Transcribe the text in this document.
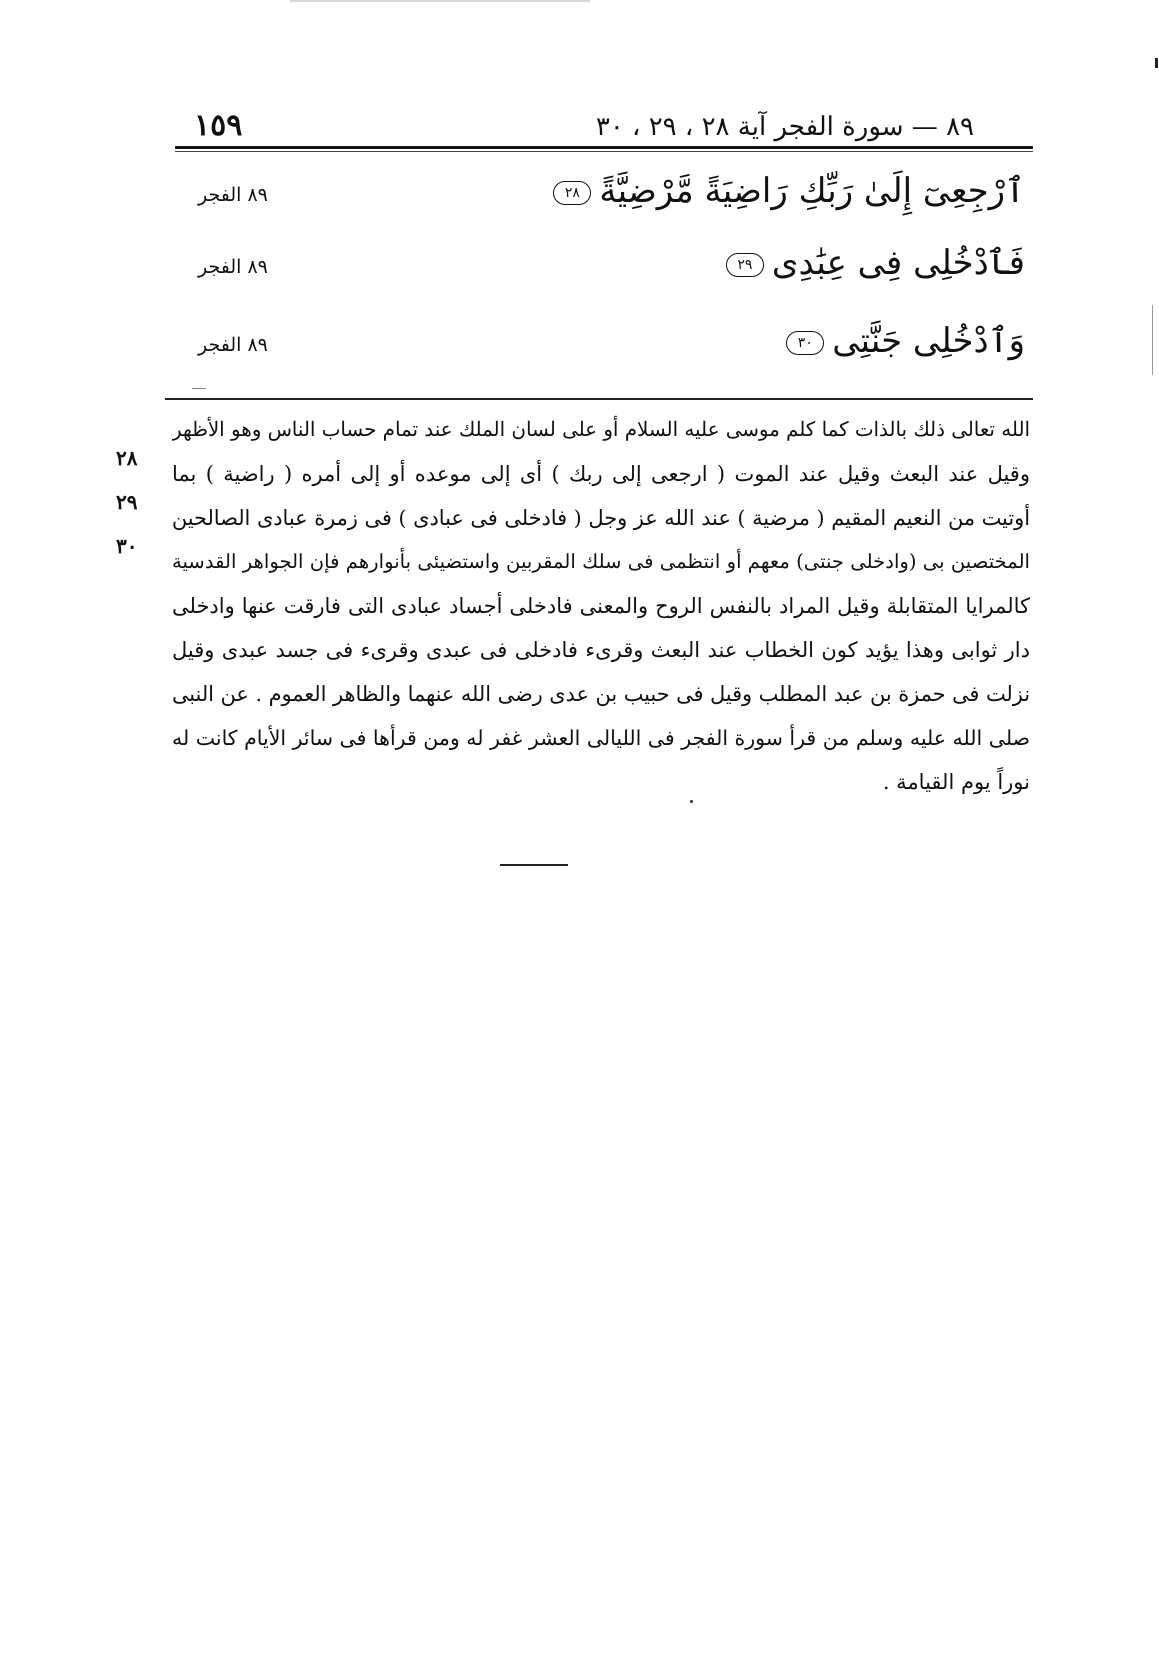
٨٩ — سورة الفجر آية ٢٨ ، ٢٩ ، ٣٠
١٥٩
ٱرْجِعِىٓ إِلَىٰ رَبِّكِ رَاضِيَةً مَّرْضِيَّةً٢٨
٨٩ الفجر
فَٱدْخُلِى فِى عِبَٰدِى٢٩
٨٩ الفجر
وَٱدْخُلِى جَنَّتِى٣٠
٨٩ الفجر
الله تعالى ذلك بالذات كما كلم موسى عليه السلام أو على لسان الملك عند تمام حساب الناس وهو الأظهر
وقيل عند البعث وقيل عند الموت ( ارجعى إلى ربك ) أى إلى موعده أو إلى أمره ( راضية ) بما
أوتيت من النعيم المقيم ( مرضية ) عند الله عز وجل ( فادخلى فى عبادى ) فى زمرة عبادى الصالحين
المختصين بى (وادخلى جنتى) معهم أو انتظمى فى سلك المقربين واستضيئى بأنوارهم فإن الجواهر القدسية
كالمرايا المتقابلة وقيل المراد بالنفس الروح والمعنى فادخلى أجساد عبادى التى فارقت عنها وادخلى
دار ثوابى وهذا يؤيد كون الخطاب عند البعث وقرىء فادخلى فى عبدى وقرىء فى جسد عبدى وقيل
نزلت فى حمزة بن عبد المطلب وقيل فى حبيب بن عدى رضى الله عنهما والظاهر العموم . عن النبى
صلى الله عليه وسلم من قرأ سورة الفجر فى الليالى العشر غفر له ومن قرأها فى سائر الأيام كانت له
نوراً يوم القيامة .
٢٨
٢٩
٣٠
